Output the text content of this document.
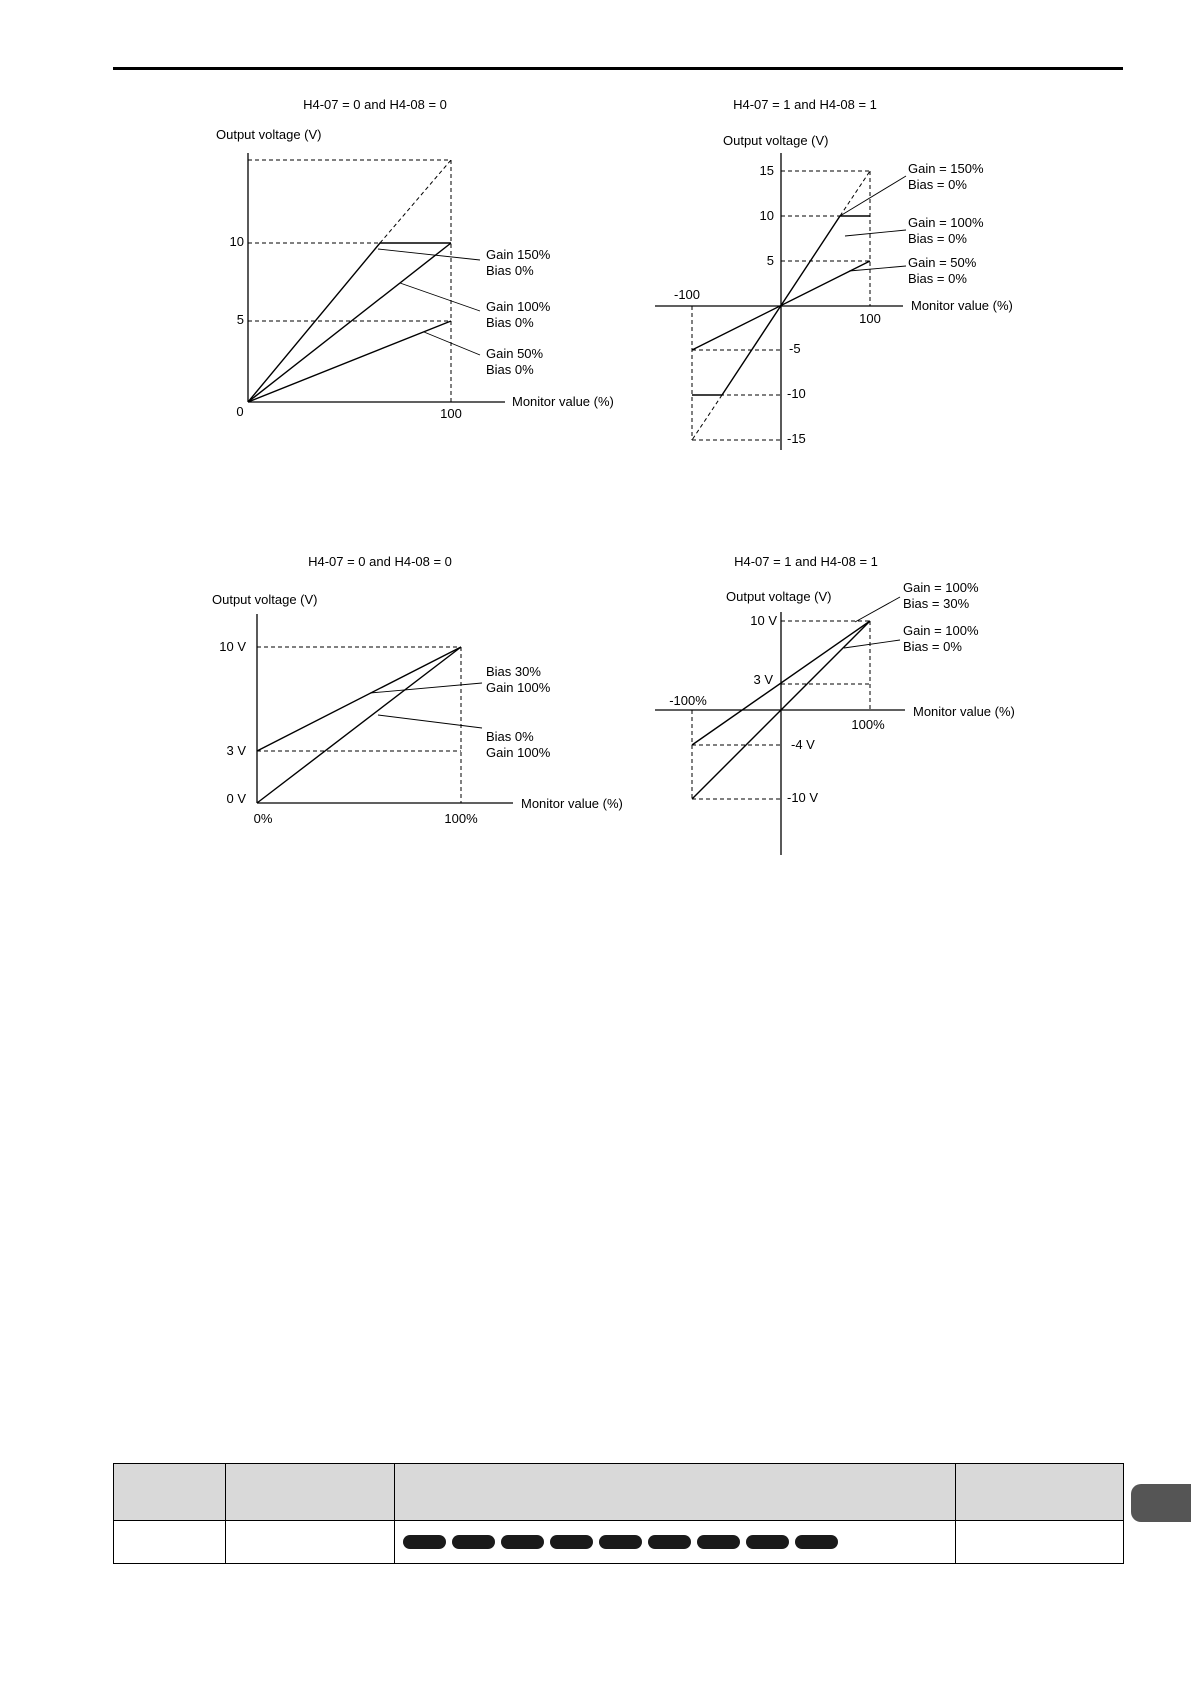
H4-07 = 0 and H4-08 = 0
Output voltage (V)
Monitor value (%)
10
5
0	100
Gain 150%
Bias 0%
Gain 100%
Bias 0%
Gain 50%
Bias 0%
H4-07 = 1 and H4-08 = 1
Output voltage (V)
Monitor value (%)
15
10
5
-5
-10
-15
-100
100
Gain = 150%
Bias = 0%
Gain = 100%
Bias = 0%
Gain = 50%
Bias = 0%
H4-07 = 0 and H4-08 = 0
Output voltage (V)
Monitor value (%)
10 V
3 V
0 V
0%	100%
Bias 30%
Gain 100%
Bias 0%
Gain 100%
H4-07 = 1 and H4-08 = 1
Output voltage (V)
Monitor value (%)
10 V
3 V
-4 V
-10 V
-100%
100%
Gain = 100%
Bias = 30%
Gain = 100%
Bias = 0%
